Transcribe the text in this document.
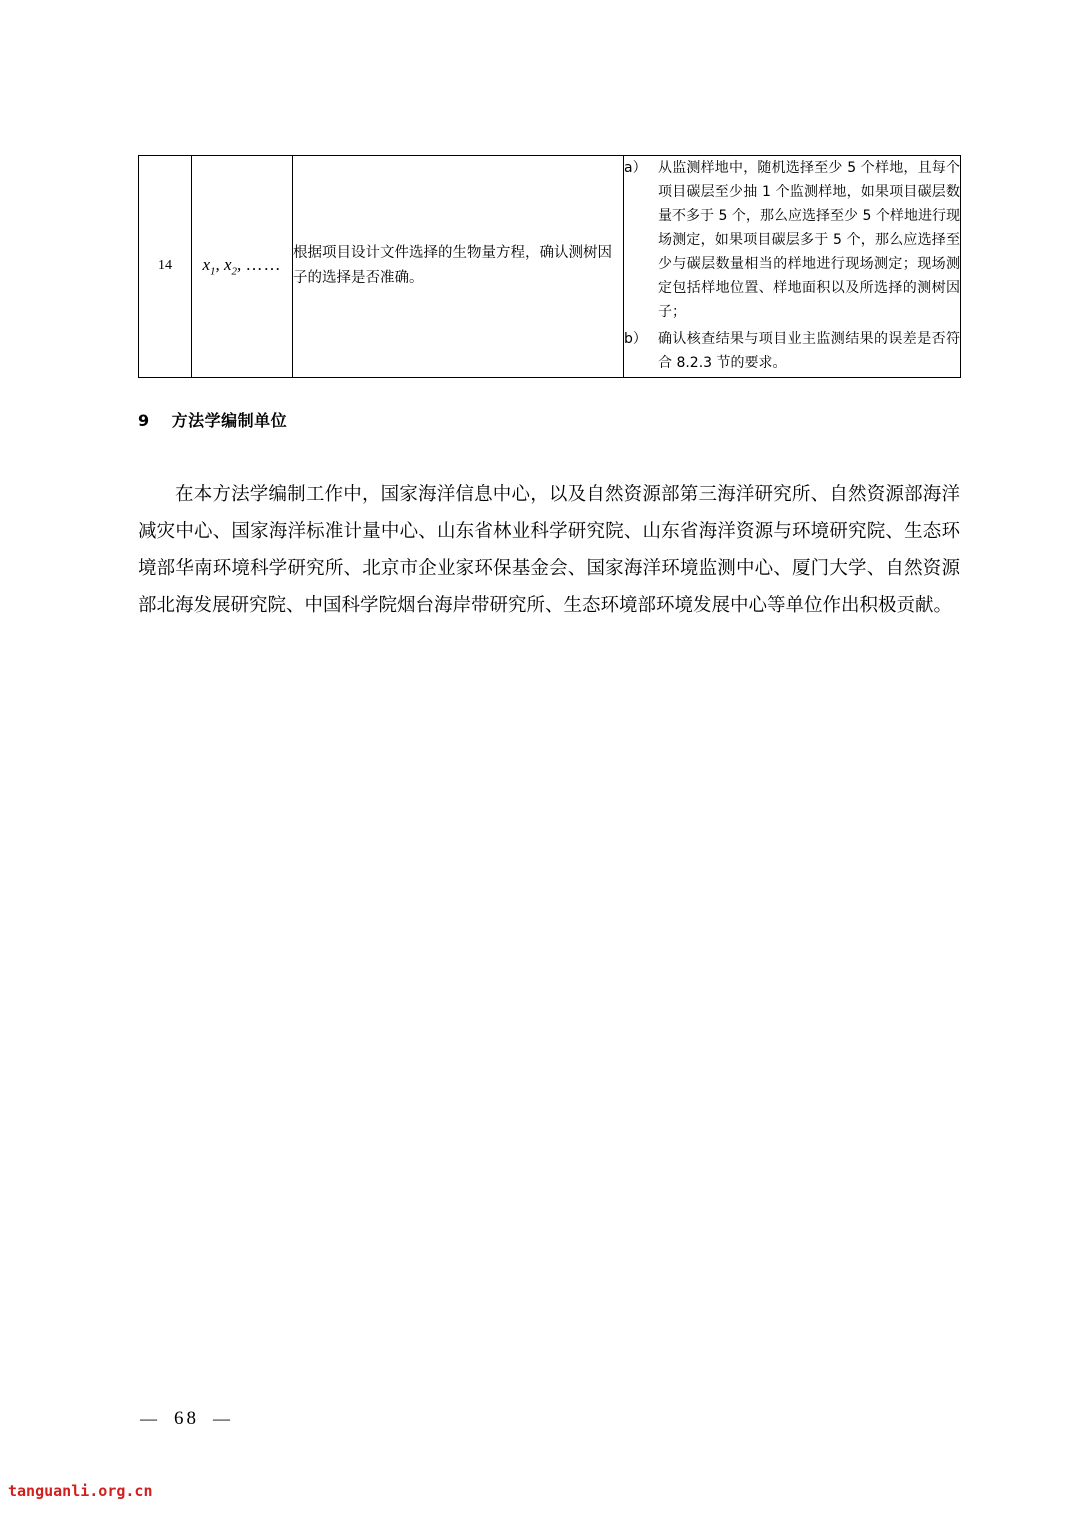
14	$x_1$, $x_2$, ……	根据项目设计文件选择的生物量方程，确认测树因子的选择是否准确。	
a） 从监测样地中，随机选择至少 5 个样地，且每个项目碳层至少抽 1 个监测样地，如果项目碳层数量不多于 5 个，那么应选择至少 5 个样地进行现场测定，如果项目碳层多于 5 个，那么应选择至少与碳层数量相当的样地进行现场测定；现场测定包括样地位置、样地面积以及所选择的测树因子；
b） 确认核查结果与项目业主监测结果的误差是否符合 8.2.3 节的要求。
9 方法学编制单位

在本方法学编制工作中，国家海洋信息中心，以及自然资源部第三海洋研究所、自然资源部海洋减灾中心、国家海洋标准计量中心、山东省林业科学研究院、山东省海洋资源与环境研究院、生态环境部华南环境科学研究所、北京市企业家环保基金会、国家海洋环境监测中心、厦门大学、自然资源部北海发展研究院、中国科学院烟台海岸带研究所、生态环境部环境发展中心等单位作出积极贡献。

— 68 —
tanguanli.org.cn
